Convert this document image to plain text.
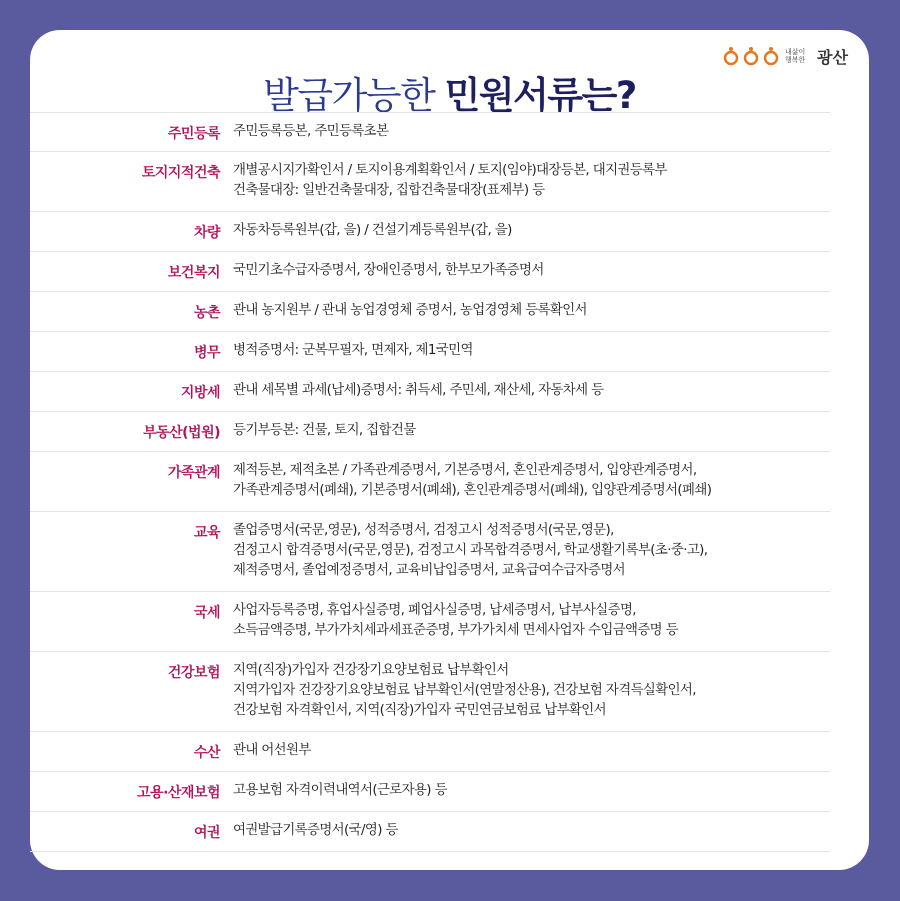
내삶이
행복한 광산
발급가능한 민원서류는?
주민등록 주민등록등본, 주민등록초본
토지지적건축 개별공시지가확인서 / 토지이용계획확인서 / 토지(임야)대장등본, 대지권등록부
건축물대장: 일반건축물대장, 집합건축물대장(표제부) 등
차량 자동차등록원부(갑, 을) / 건설기계등록원부(갑, 을)
보건복지 국민기초수급자증명서, 장애인증명서, 한부모가족증명서
농촌 관내 농지원부 / 관내 농업경영체 증명서, 농업경영체 등록확인서
병무 병적증명서: 군복무필자, 면제자, 제1국민역
지방세 관내 세목별 과세(납세)증명서: 취득세, 주민세, 재산세, 자동차세 등
부동산(법원) 등기부등본: 건물, 토지, 집합건물
가족관계 제적등본, 제적초본 / 가족관계증명서, 기본증명서, 혼인관계증명서, 입양관계증명서,
가족관계증명서(폐쇄), 기본증명서(폐쇄), 혼인관계증명서(폐쇄), 입양관계증명서(폐쇄)
교육 졸업증명서(국문,영문), 성적증명서, 검정고시 성적증명서(국문,영문),
검정고시 합격증명서(국문,영문), 검정고시 과목합격증명서, 학교생활기록부(초·중·고),
제적증명서, 졸업예정증명서, 교육비납입증명서, 교육급여수급자증명서
국세 사업자등록증명, 휴업사실증명, 폐업사실증명, 납세증명서, 납부사실증명,
소득금액증명, 부가가치세과세표준증명, 부가가치세 면세사업자 수입금액증명 등
건강보험 지역(직장)가입자 건강장기요양보험료 납부확인서
지역가입자 건강장기요양보험료 납부확인서(연말정산용), 건강보험 자격득실확인서,
건강보험 자격확인서, 지역(직장)가입자 국민연금보험료 납부확인서
수산 관내 어선원부
고용·산재보험 고용보험 자격이력내역서(근로자용) 등
여권 여권발급기록증명서(국/영) 등
